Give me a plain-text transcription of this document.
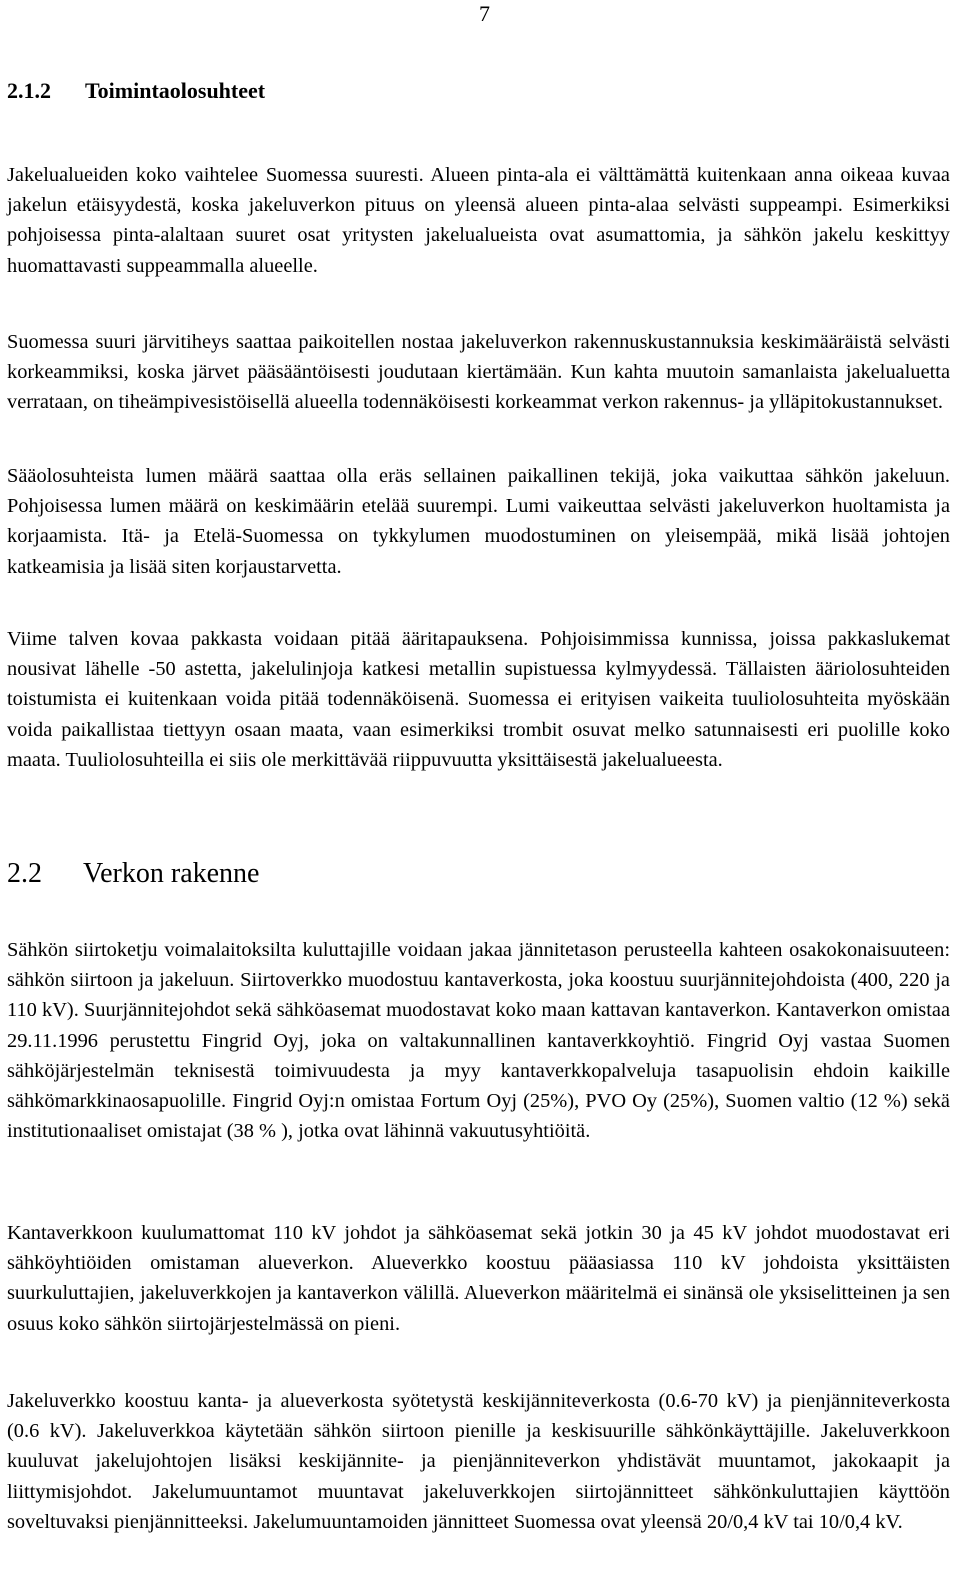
7
2.1.2 Toimintaolosuhteet

Jakelualueiden koko vaihtelee Suomessa suuresti. Alueen pinta-ala ei välttämättä kuitenkaan anna oikeaa kuvaa jakelun etäisyydestä, koska jakeluverkon pituus on yleensä alueen pinta-alaa selvästi suppeampi. Esimerkiksi pohjoisessa pinta-alaltaan suuret osat yritysten jakelualueista ovat asumattomia, ja sähkön jakelu keskittyy huomattavasti suppeammalla alueelle.

Suomessa suuri järvitiheys saattaa paikoitellen nostaa jakeluverkon rakennuskustannuksia keskimääräistä selvästi korkeammiksi, koska järvet pääsääntöisesti joudutaan kiertämään. Kun kahta muutoin samanlaista jakelualuetta verrataan, on tiheämpivesistöisellä alueella todennäköisesti korkeammat verkon rakennus- ja ylläpitokustannukset.

Sääolosuhteista lumen määrä saattaa olla eräs sellainen paikallinen tekijä, joka vaikuttaa sähkön jakeluun. Pohjoisessa lumen määrä on keskimäärin etelää suurempi. Lumi vaikeuttaa selvästi jakeluverkon huoltamista ja korjaamista. Itä- ja Etelä-Suomessa on tykkylumen muodostuminen on yleisempää, mikä lisää johtojen katkeamisia ja lisää siten korjaustarvetta.

Viime talven kovaa pakkasta voidaan pitää ääritapauksena. Pohjoisimmissa kunnissa, joissa pakkaslukemat nousivat lähelle -50 astetta, jakelulinjoja katkesi metallin supistuessa kylmyydessä. Tällaisten ääriolosuhteiden toistumista ei kuitenkaan voida pitää todennäköisenä. Suomessa ei erityisen vaikeita tuuliolosuhteita myöskään voida paikallistaa tiettyyn osaan maata, vaan esimerkiksi trombit osuvat melko satunnaisesti eri puolille koko maata. Tuuliolosuhteilla ei siis ole merkittävää riippuvuutta yksittäisestä jakelualueesta.

2.2 Verkon rakenne

Sähkön siirtoketju voimalaitoksilta kuluttajille voidaan jakaa jännitetason perusteella kahteen osakokonaisuuteen: sähkön siirtoon ja jakeluun. Siirtoverkko muodostuu kantaverkosta, joka koostuu suurjännitejohdoista (400, 220 ja 110 kV). Suurjännitejohdot sekä sähköasemat muodostavat koko maan kattavan kantaverkon. Kantaverkon omistaa 29.11.1996 perustettu Fingrid Oyj, joka on valtakunnallinen kantaverkkoyhtiö. Fingrid Oyj vastaa Suomen sähköjärjestelmän teknisestä toimivuudesta ja myy kantaverkkopalveluja tasapuolisin ehdoin kaikille sähkömarkkinaosapuolille. Fingrid Oyj:n omistaa Fortum Oyj (25%), PVO Oy (25%), Suomen valtio (12 %) sekä institutionaaliset omistajat (38 % ), jotka ovat lähinnä vakuutusyhtiöitä.

Kantaverkkoon kuulumattomat 110 kV johdot ja sähköasemat sekä jotkin 30 ja 45 kV johdot muodostavat eri sähköyhtiöiden omistaman alueverkon. Alueverkko koostuu pääasiassa 110 kV johdoista yksittäisten suurkuluttajien, jakeluverkkojen ja kantaverkon välillä. Alueverkon määritelmä ei sinänsä ole yksiselitteinen ja sen osuus koko sähkön siirtojärjestelmässä on pieni.

Jakeluverkko koostuu kanta- ja alueverkosta syötetystä keskijänniteverkosta (0.6-70 kV) ja pienjänniteverkosta (0.6 kV). Jakeluverkkoa käytetään sähkön siirtoon pienille ja keskisuurille sähkönkäyttäjille. Jakeluverkkoon kuuluvat jakelujohtojen lisäksi keskijännite- ja pienjänniteverkon yhdistävät muuntamot, jakokaapit ja liittymisjohdot. Jakelumuuntamot muuntavat jakeluverkkojen siirtojännitteet sähkönkuluttajien käyttöön soveltuvaksi pienjännitteeksi. Jakelumuuntamoiden jännitteet Suomessa ovat yleensä 20/0,4 kV tai 10/0,4 kV.
